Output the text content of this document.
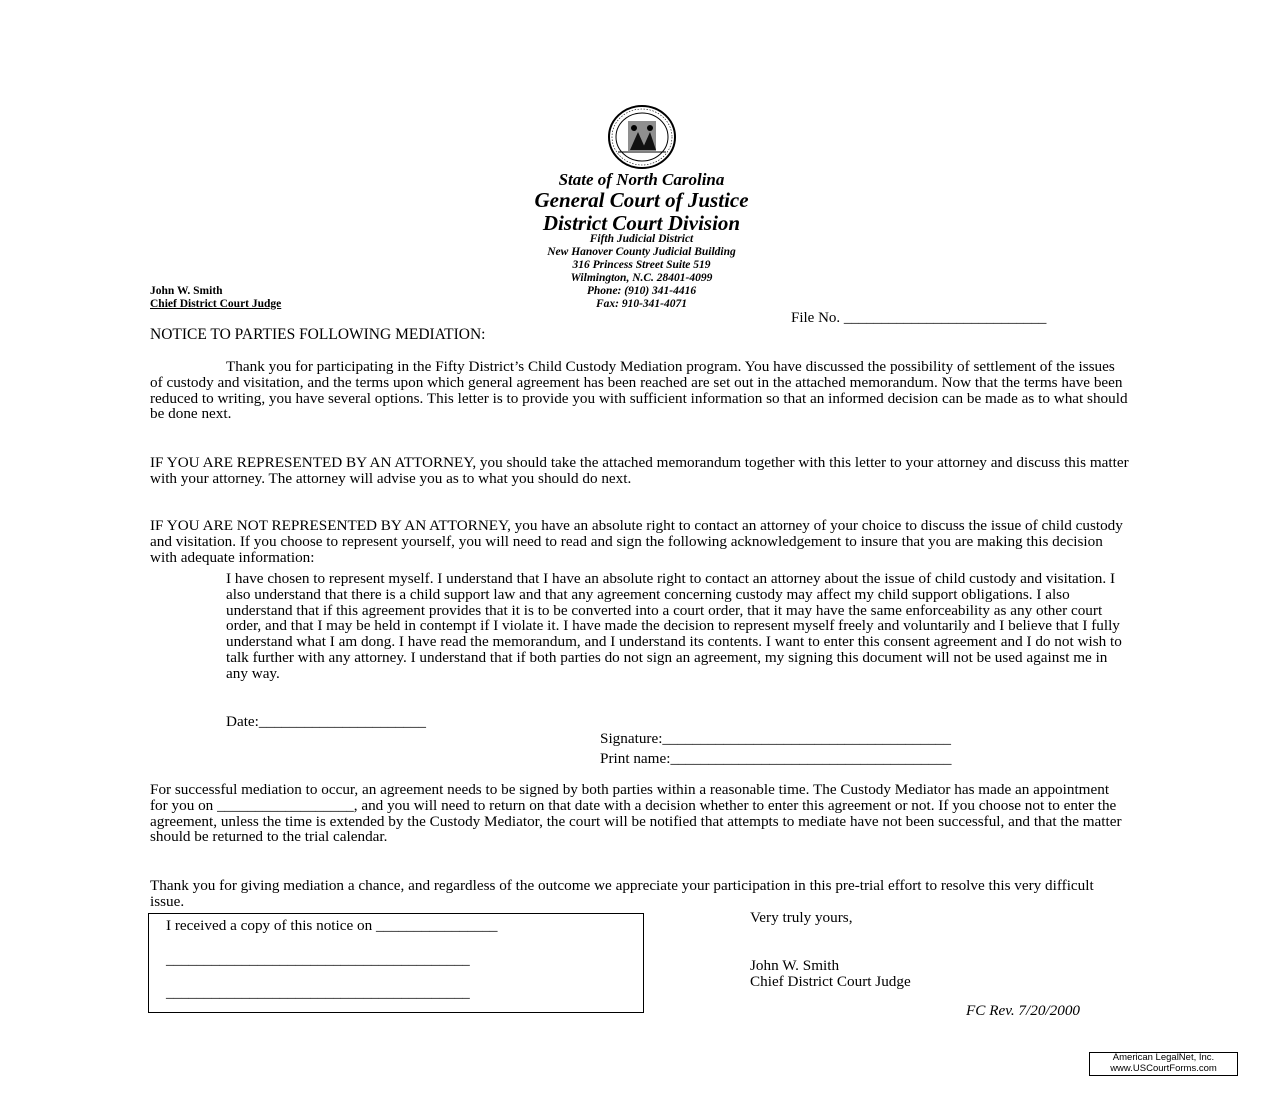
State of North Carolina
General Court of Justice
District Court Division
Fifth Judicial District
New Hanover County Judicial Building
316 Princess Street Suite 519
Wilmington, N.C. 28401-4099
Phone: (910) 341-4416
Fax: 910-341-4071
John W. Smith
Chief District Court Judge
File No. ___________________________
NOTICE TO PARTIES FOLLOWING MEDIATION:
Thank you for participating in the Fifty District’s Child Custody Mediation program. You have discussed the possibility of settlement of the issues of custody and visitation, and the terms upon which general agreement has been reached are set out in the attached memorandum. Now that the terms have been reduced to writing, you have several options. This letter is to provide you with sufficient information so that an informed decision can be made as to what should be done next.
IF YOU ARE REPRESENTED BY AN ATTORNEY, you should take the attached memorandum together with this letter to your attorney and discuss this matter with your attorney. The attorney will advise you as to what you should do next.
IF YOU ARE NOT REPRESENTED BY AN ATTORNEY, you have an absolute right to contact an attorney of your choice to discuss the issue of child custody and visitation. If you choose to represent yourself, you will need to read and sign the following acknowledgement to insure that you are making this decision with adequate information:
I have chosen to represent myself. I understand that I have an absolute right to contact an attorney about the issue of child custody and visitation. I also understand that there is a child support law and that any agreement concerning custody may affect my child support obligations. I also understand that if this agreement provides that it is to be converted into a court order, that it may have the same enforceability as any other court order, and that I may be held in contempt if I violate it. I have made the decision to represent myself freely and voluntarily and I believe that I fully understand what I am dong. I have read the memorandum, and I understand its contents. I want to enter this consent agreement and I do not wish to talk further with any attorney. I understand that if both parties do not sign an agreement, my signing this document will not be used against me in any way.
Date:______________________
Signature:______________________________________
Print name:_____________________________________
For successful mediation to occur, an agreement needs to be signed by both parties within a reasonable time. The Custody Mediator has made an appointment for you on __________________, and you will need to return on that date with a decision whether to enter this agreement or not. If you choose not to enter the agreement, unless the time is extended by the Custody Mediator, the court will be notified that attempts to mediate have not been successful, and that the matter should be returned to the trial calendar.
Thank you for giving mediation a chance, and regardless of the outcome we appreciate your participation in this pre-trial effort to resolve this very difficult issue.
I received a copy of this notice on ________________
________________________________________
________________________________________
Very truly yours,
John W. Smith
Chief District Court Judge
FC Rev. 7/20/2000
American LegalNet, Inc.
www.USCourtForms.com
